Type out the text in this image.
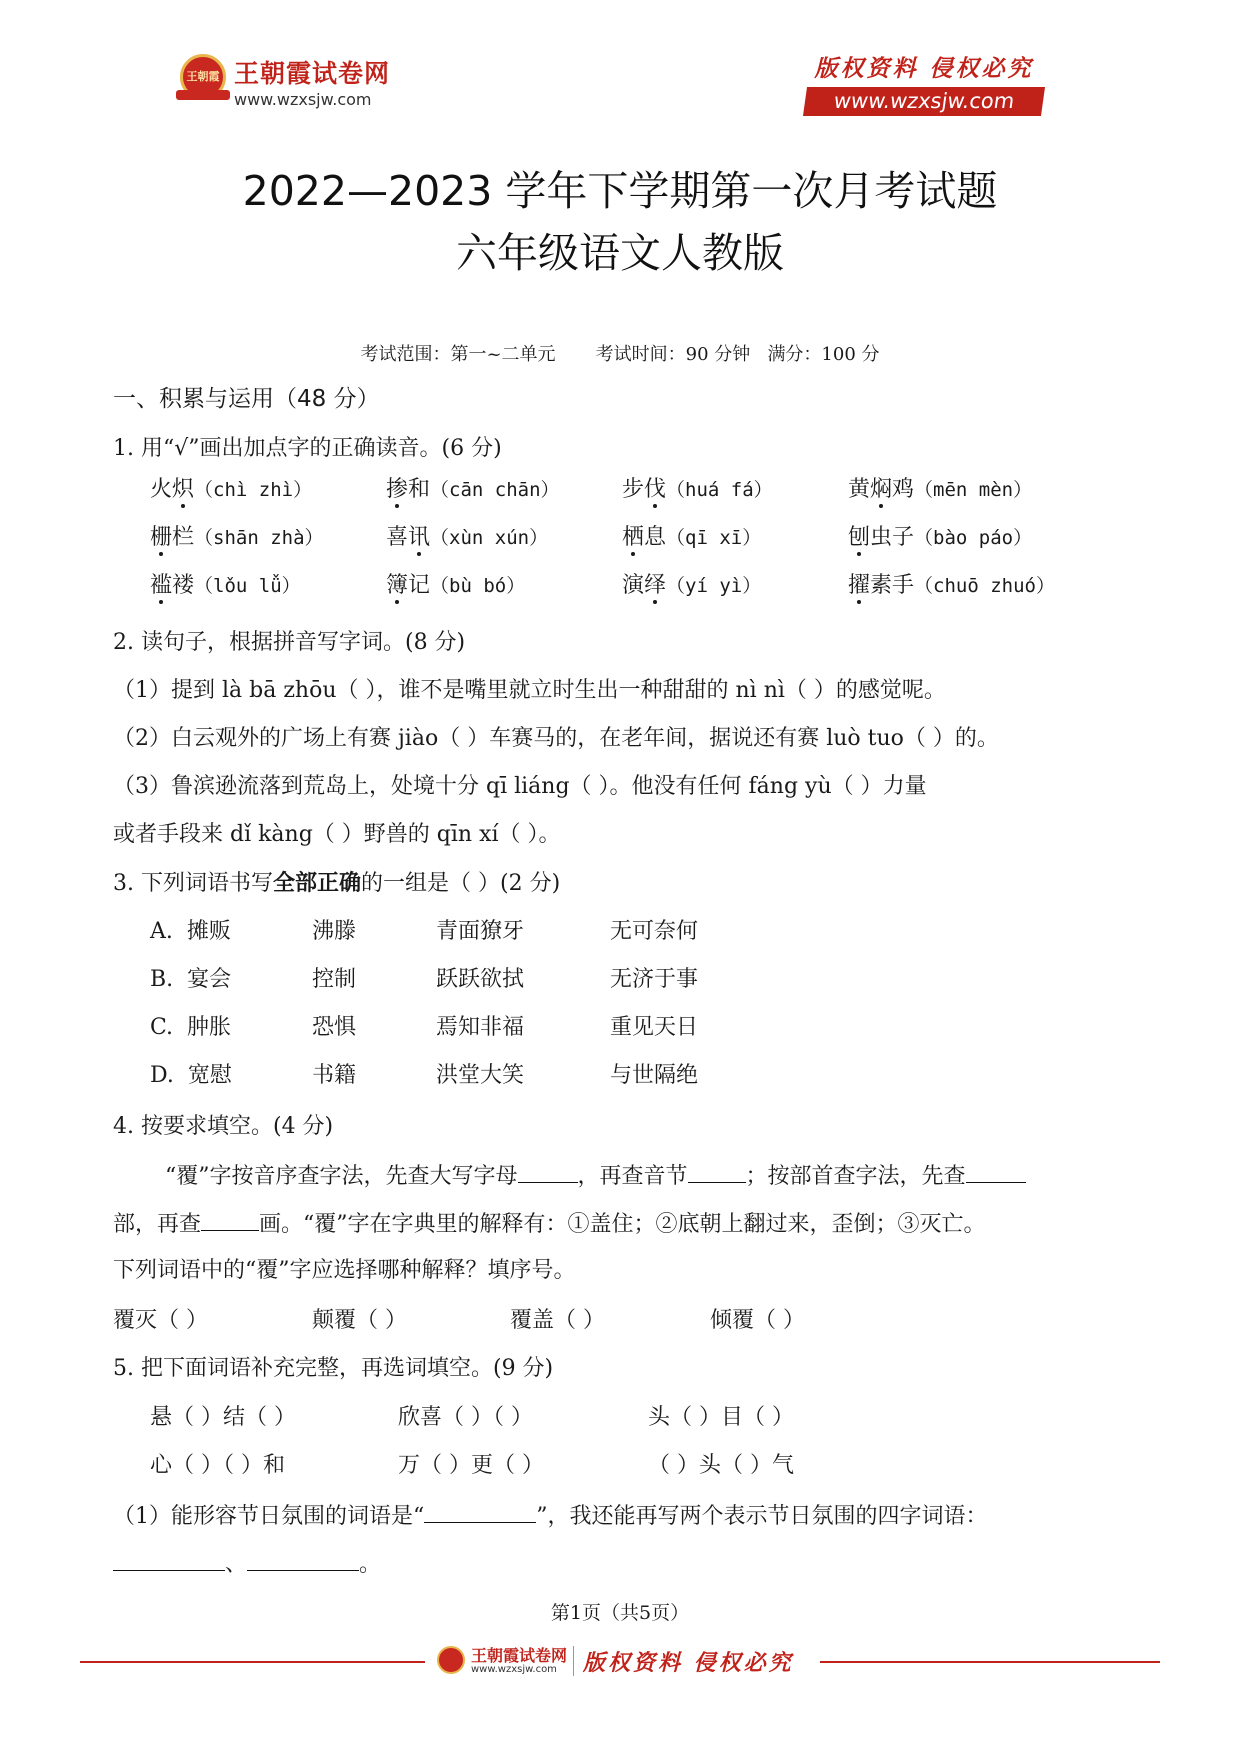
王朝霞 王朝霞试卷网
www.wzxsjw.com
版权资料 侵权必究
www.wzxsjw.com
2022—2023 学年下学期第一次月考试题
六年级语文人教版
考试范围：第一~二单元 考试时间：90 分钟 满分：100 分
一、积累与运用（48 分）
1. 用“√”画出加点字的正确读音。(6 分)
火炽（chì zhì）	掺和（cān chān）	步伐（huá fá）	黄焖鸡（mēn mèn）
栅栏（shān zhà）	喜讯（xùn xún）	栖息（qī xī）	刨虫子（bào páo）
褴褛（lǒu lǚ）	簿记（bù bó）	演绎（yí yì）	擢素手（chuō zhuó）
2. 读句子，根据拼音写字词。(8 分)
（1）提到 là bā zhōu（ ），谁不是嘴里就立时生出一种甜甜的 nì nì（ ）的感觉呢。
（2）白云观外的广场上有赛 jiào（ ）车赛马的，在老年间，据说还有赛 luò tuo（ ）的。
（3）鲁滨逊流落到荒岛上，处境十分 qī liáng（ ）。他没有任何 fáng yù（ ）力量
或者手段来 dǐ kàng（ ）野兽的 qīn xí（ ）。
3. 下列词语书写全部正确的一组是（ ）(2 分)
A. 摊贩	沸滕	青面獠牙	无可奈何
B. 宴会	控制	跃跃欲拭	无济于事
C. 肿胀	恐惧	焉知非福	重见天日
D. 宽慰	书籍	洪堂大笑	与世隔绝
4. 按要求填空。(4 分)
“覆”字按音序查字法，先查大写字母	，再查音节	；按部首查字法，先查
部，再查	画。“覆”字在字典里的解释有：①盖住；②底朝上翻过来，歪倒；③灭亡。
下列词语中的“覆”字应选择哪种解释？填序号。
覆灭（ ）	颠覆（ ）	覆盖（ ）	倾覆（ ）
5. 把下面词语补充完整，再选词填空。(9 分)
悬（ ）结（ ）	欣喜（ ）（ ）	头（ ）目（ ）
心（ ）（ ）和	万（ ）更（ ）	（ ）头（ ）气
（1）能形容节日氛围的词语是“	”，我还能再写两个表示节日氛围的四字词语：
、	。
第1页（共5页）
王朝霞试卷网
www.wzxsjw.com 版权资料 侵权必究
